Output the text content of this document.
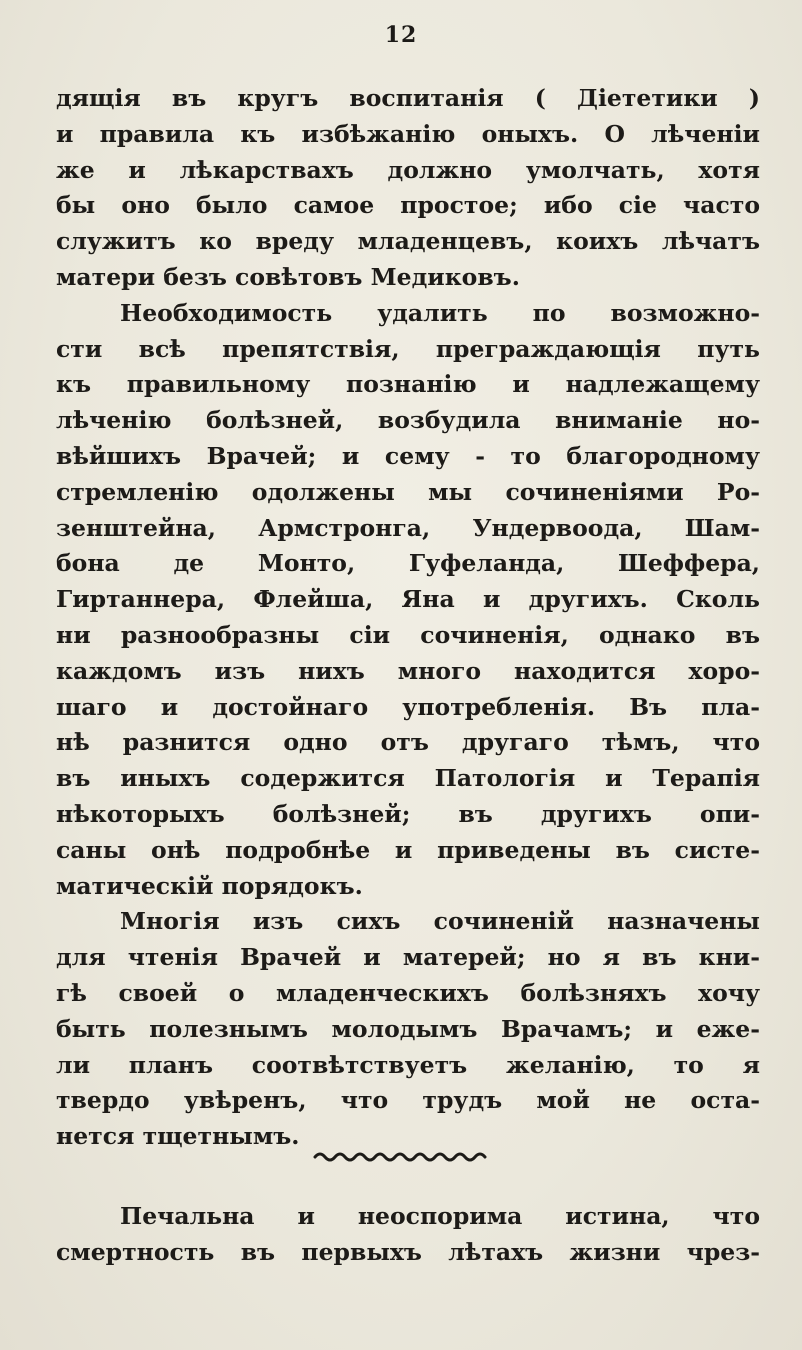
12
дящія въ кругъ воспитанія ( Діететики )
и правила къ избѣжанію оныхъ. О лѣченіи
же и лѣкарствахъ должно умолчать, хотя
бы оно было самое простое; ибо сіе часто
служитъ ко вреду младенцевъ, коихъ лѣчатъ
матери безъ совѣтовъ Медиковъ.
Необходимость удалить по возможно-
сти всѣ препятствія, преграждающія путь
къ правильному познанію и надлежащему
лѣченію болѣзней, возбудила вниманіе но-
вѣйшихъ Врачей; и сему - то благородному
стремленію одолжены мы сочиненіями Ро-
зенштейна, Армстронга, Ундервоода, Шам-
бона де Монто, Гуфеланда, Шеффера,
Гиртаннера, Флейша, Яна и другихъ. Сколь
ни разнообразны сіи сочиненія, однако въ
каждомъ изъ нихъ много находится хоро-
шаго и достойнаго употребленія. Въ пла-
нѣ разнится одно отъ другаго тѣмъ, что
въ иныхъ содержится Патологія и Терапія
нѣкоторыхъ болѣзней; въ другихъ опи-
саны онѣ подробнѣе и приведены въ систе-
матическій порядокъ.
Многія изъ сихъ сочиненій назначены
для чтенія Врачей и матерей; но я въ кни-
гѣ своей о младенческихъ болѣзняхъ хочу
быть полезнымъ молодымъ Врачамъ; и еже-
ли планъ соотвѣтствуетъ желанію, то я
твердо увѣренъ, что трудъ мой не оста-
нется тщетнымъ.
Печальна и неоспорима истина, что
смертность въ первыхъ лѣтахъ жизни чрез-
